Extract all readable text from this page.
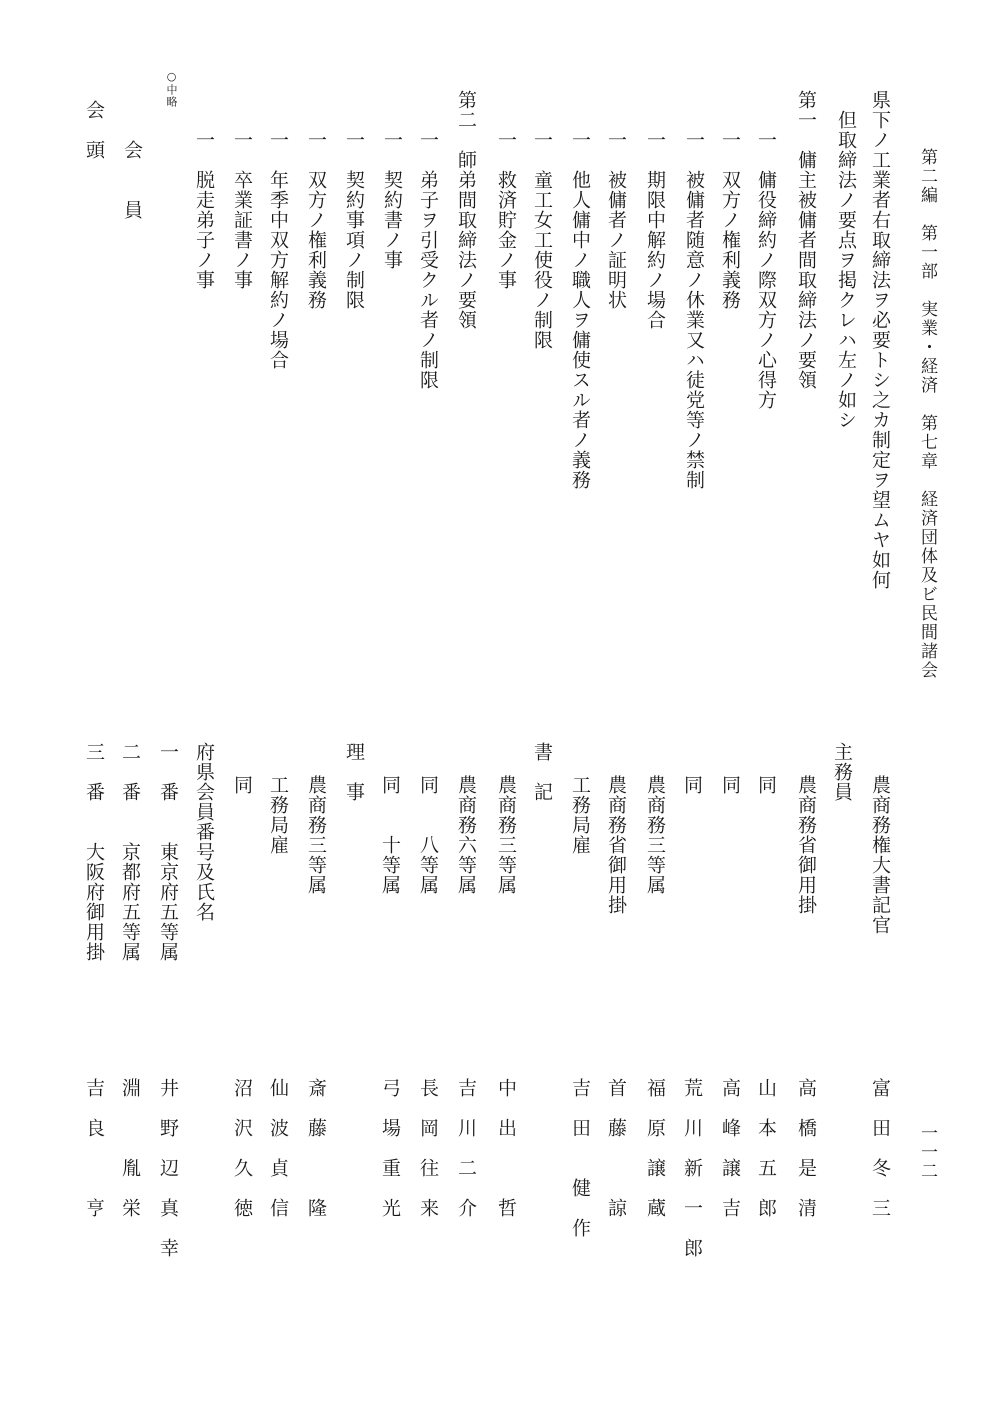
第二編　第一部　実業・経済　第七章　経済団体及ビ民間諸会
一一二
県下ノ工業者右取締法ヲ必要トシ之カ制定ヲ望ムヤ如何
但取締法ノ要点ヲ掲クレハ左ノ如シ
第一　傭主被傭者間取締法ノ要領
一　傭役締約ノ際双方ノ心得方
一　双方ノ権利義務
一　被傭者随意ノ休業又ハ徒党等ノ禁制
一　期限中解約ノ場合
一　被傭者ノ証明状
一　他人傭中ノ職人ヲ傭使スル者ノ義務
一　童工女工使役ノ制限
一　救済貯金ノ事
第二　師弟間取締法ノ要領
一　弟子ヲ引受クル者ノ制限
一　契約書ノ事
一　契約事項ノ制限
一　双方ノ権利義務
一　年季中双方解約ノ場合
一　卒業証書ノ事
一　脱走弟子ノ事
○中略
会　　員
会　頭
農商務権大書記官
富　田　冬　三
主務員
農商務省御用掛
高　橋　是　清
同
山　本　五　郎
同
高　峰　譲　吉
同
荒　川　新　一　郎
農商務三等属
福　原　譲　蔵
農商務省御用掛
首　藤　　　諒
書　記
工務局雇
吉　田　　健　作
農商務三等属
中　出　　　哲
農商務六等属
吉　川　二　介
同　　八等属
長　岡　往　来
同　　十等属
弓　場　重　光
理　事
農商務三等属
斎　藤　　　隆
工務局雇
仙　波　貞　信
同
沼　沢　久　徳
府県会員番号及氏名
一　番　　東京府五等属
井　野　辺　真　幸
二　番　　京都府五等属
淵　　　胤　栄
三　番　　大阪府御用掛
吉　良　　　亨
